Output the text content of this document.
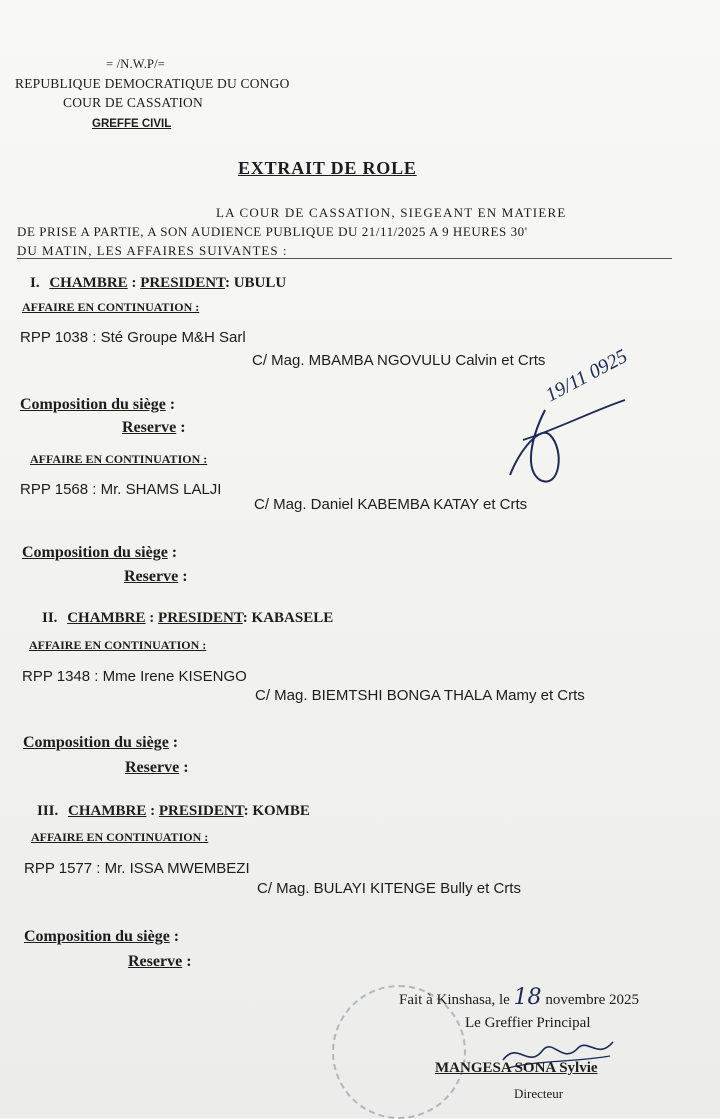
= /N.W.P/=
REPUBLIQUE DEMOCRATIQUE DU CONGO
COUR DE CASSATION
GREFFE CIVIL
EXTRAIT DE ROLE
LA COUR DE CASSATION, SIEGEANT EN MATIERE
DE PRISE A PARTIE, A SON AUDIENCE PUBLIQUE DU 21/11/2025 A 9 HEURES 30'
DU MATIN, LES AFFAIRES SUIVANTES :
I. CHAMBRE : PRESIDENT: UBULU
AFFAIRE EN CONTINUATION :
RPP 1038 : Sté Groupe M&H Sarl
C/ Mag. MBAMBA NGOVULU Calvin et Crts
Composition du siège :
Reserve :
AFFAIRE EN CONTINUATION :
RPP 1568 : Mr. SHAMS LALJI
C/ Mag. Daniel KABEMBA KATAY et Crts
Composition du siège :
Reserve :
19/11 0925
II. CHAMBRE : PRESIDENT: KABASELE
AFFAIRE EN CONTINUATION :
RPP 1348 : Mme Irene KISENGO
C/ Mag. BIEMTSHI BONGA THALA Mamy et Crts
Composition du siège :
Reserve :
III. CHAMBRE : PRESIDENT: KOMBE
AFFAIRE EN CONTINUATION :
RPP 1577 : Mr. ISSA MWEMBEZI
C/ Mag. BULAYI KITENGE Bully et Crts
Composition du siège :
Reserve :
Fait à Kinshasa, le 18 novembre 2025
Le Greffier Principal
MANGESA SONA Sylvie
Directeur
